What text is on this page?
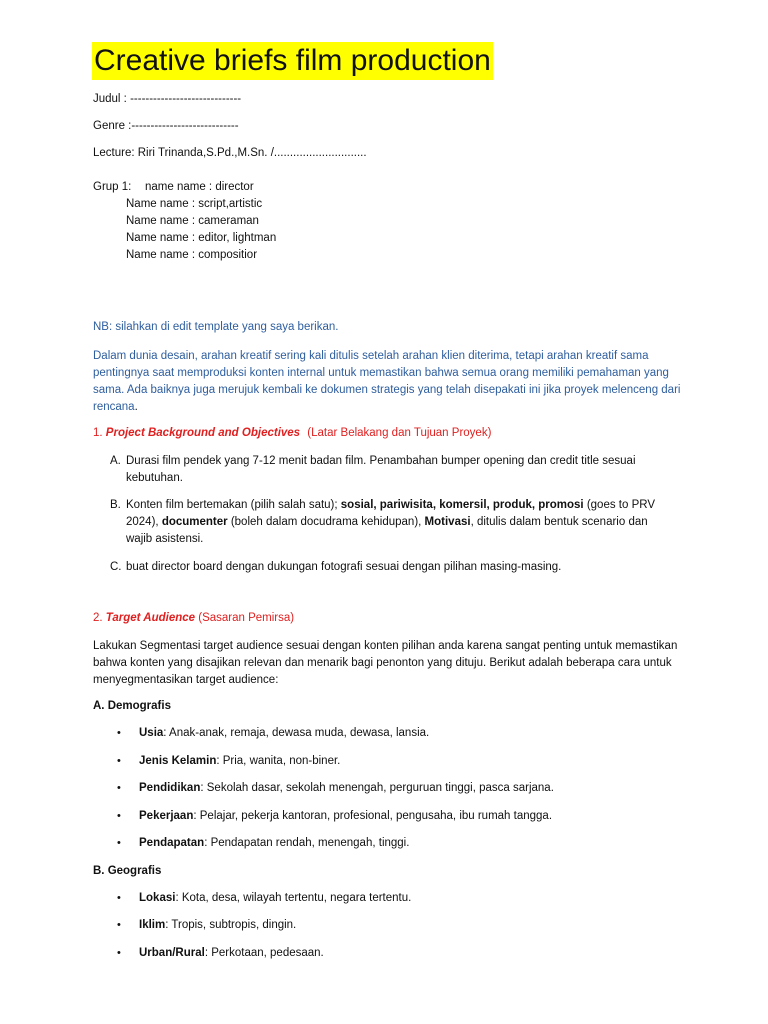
Creative briefs film production
Judul : -----------------------------
Genre :----------------------------
Lecture: Riri Trinanda,S.Pd.,M.Sn. /.............................
Grup 1: name name : director
Name name : script,artistic
Name name : cameraman
Name name : editor, lightman
Name name : compositior
NB: silahkan di edit template yang saya berikan.
Dalam dunia desain, arahan kreatif sering kali ditulis setelah arahan klien diterima, tetapi arahan kreatif sama pentingnya saat memproduksi konten internal untuk memastikan bahwa semua orang memiliki pemahaman yang sama. Ada baiknya juga merujuk kembali ke dokumen strategis yang telah disepakati ini jika proyek melenceng dari rencana.
1. Project Background and Objectives (Latar Belakang dan Tujuan Proyek)
A. Durasi film pendek yang 7-12 menit badan film. Penambahan bumper opening dan credit title sesuai kebutuhan.
B. Konten film bertemakan (pilih salah satu); sosial, pariwisita, komersil, produk, promosi (goes to PRV 2024), documenter (boleh dalam docudrama kehidupan), Motivasi, ditulis dalam bentuk scenario dan wajib asistensi.
C. buat director board dengan dukungan fotografi sesuai dengan pilihan masing-masing.
2. Target Audience (Sasaran Pemirsa)
Lakukan Segmentasi target audience sesuai dengan konten pilihan anda karena sangat penting untuk memastikan bahwa konten yang disajikan relevan dan menarik bagi penonton yang dituju. Berikut adalah beberapa cara untuk menyegmentasikan target audience:
A. Demografis
• Usia: Anak-anak, remaja, dewasa muda, dewasa, lansia.
• Jenis Kelamin: Pria, wanita, non-biner.
• Pendidikan: Sekolah dasar, sekolah menengah, perguruan tinggi, pasca sarjana.
• Pekerjaan: Pelajar, pekerja kantoran, profesional, pengusaha, ibu rumah tangga.
• Pendapatan: Pendapatan rendah, menengah, tinggi.
B. Geografis
• Lokasi: Kota, desa, wilayah tertentu, negara tertentu.
• Iklim: Tropis, subtropis, dingin.
• Urban/Rural: Perkotaan, pedesaan.
